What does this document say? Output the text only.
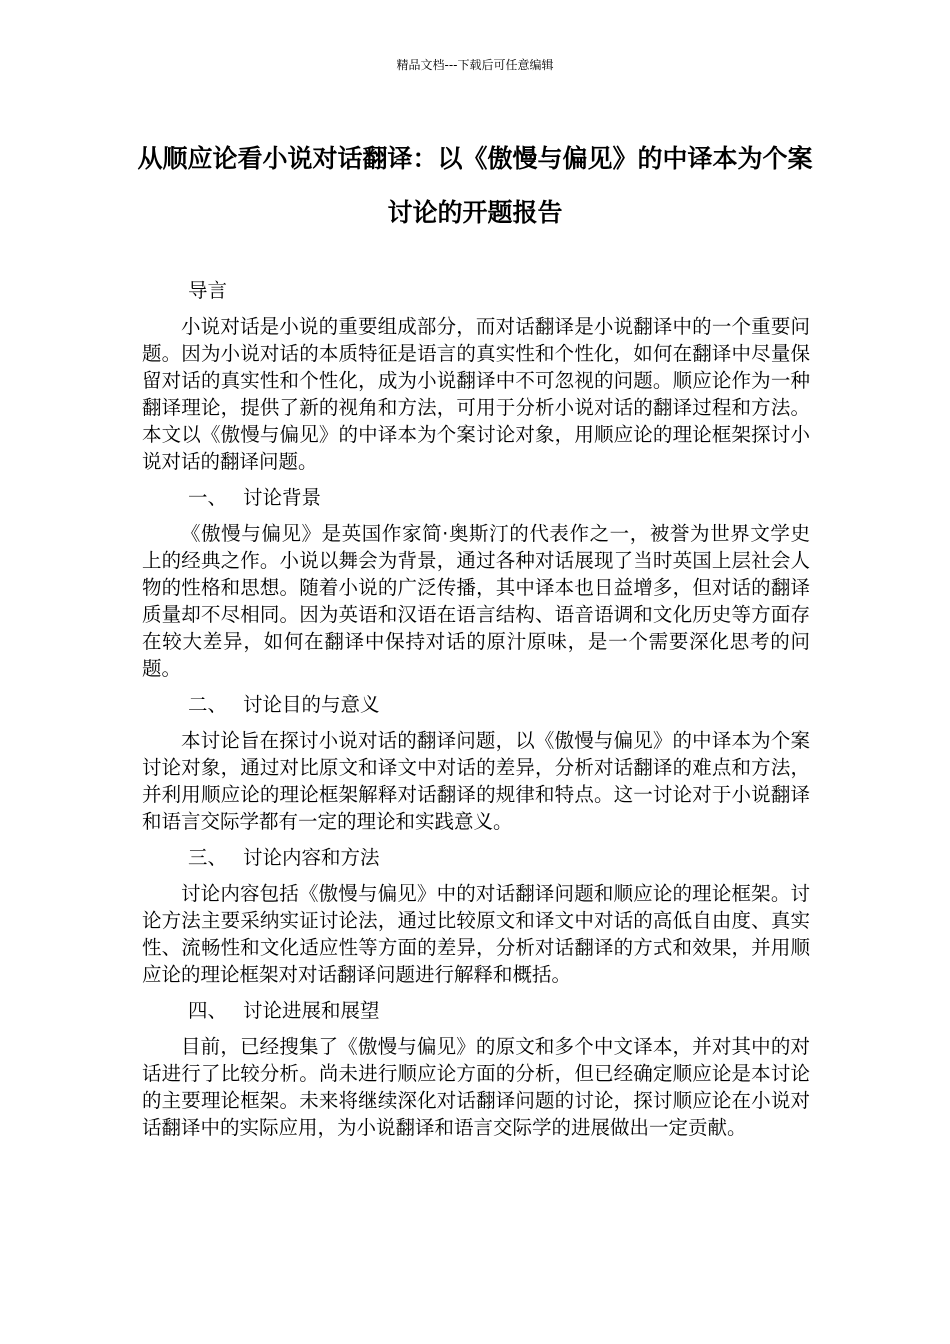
精品文档---下载后可任意编辑
从顺应论看小说对话翻译：以《傲慢与偏见》的中译本为个案讨论的开题报告

导言

小说对话是小说的重要组成部分，而对话翻译是小说翻译中的一个重要问题。因为小说对话的本质特征是语言的真实性和个性化，如何在翻译中尽量保留对话的真实性和个性化，成为小说翻译中不可忽视的问题。顺应论作为一种翻译理论，提供了新的视角和方法，可用于分析小说对话的翻译过程和方法。本文以《傲慢与偏见》的中译本为个案讨论对象，用顺应论的理论框架探讨小说对话的翻译问题。

一、 讨论背景

《傲慢与偏见》是英国作家简·奥斯汀的代表作之一，被誉为世界文学史上的经典之作。小说以舞会为背景，通过各种对话展现了当时英国上层社会人物的性格和思想。随着小说的广泛传播，其中译本也日益增多，但对话的翻译质量却不尽相同。因为英语和汉语在语言结构、语音语调和文化历史等方面存在较大差异，如何在翻译中保持对话的原汁原味，是一个需要深化思考的问题。

二、 讨论目的与意义

本讨论旨在探讨小说对话的翻译问题，以《傲慢与偏见》的中译本为个案讨论对象，通过对比原文和译文中对话的差异，分析对话翻译的难点和方法，并利用顺应论的理论框架解释对话翻译的规律和特点。这一讨论对于小说翻译和语言交际学都有一定的理论和实践意义。

三、 讨论内容和方法

讨论内容包括《傲慢与偏见》中的对话翻译问题和顺应论的理论框架。讨论方法主要采纳实证讨论法，通过比较原文和译文中对话的高低自由度、真实性、流畅性和文化适应性等方面的差异，分析对话翻译的方式和效果，并用顺应论的理论框架对对话翻译问题进行解释和概括。

四、 讨论进展和展望

目前，已经搜集了《傲慢与偏见》的原文和多个中文译本，并对其中的对话进行了比较分析。尚未进行顺应论方面的分析，但已经确定顺应论是本讨论的主要理论框架。未来将继续深化对话翻译问题的讨论，探讨顺应论在小说对话翻译中的实际应用，为小说翻译和语言交际学的进展做出一定贡献。
